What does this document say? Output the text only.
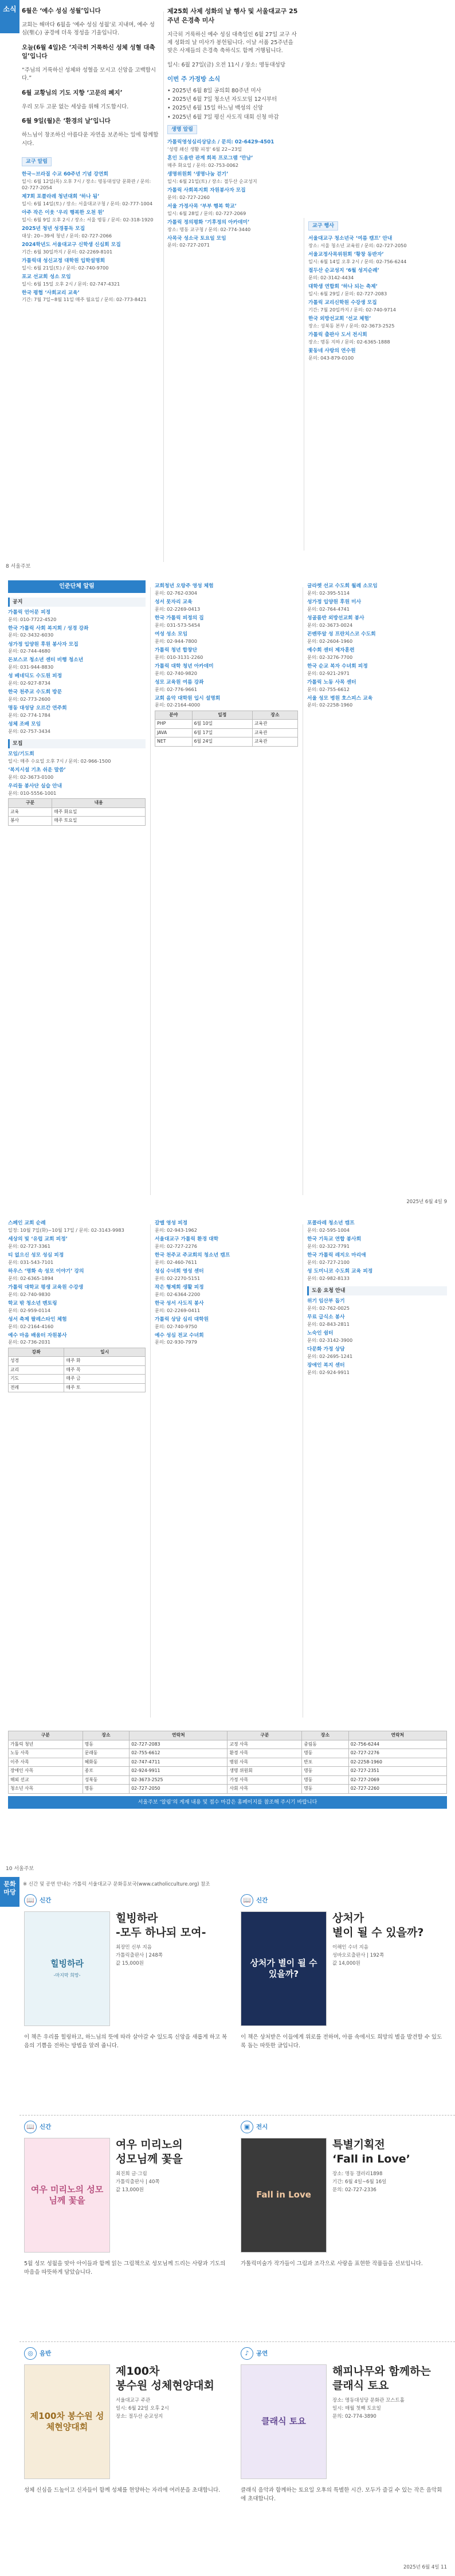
소식 6월은 ‘예수 성심 성월’입니다
교회는 해마다 6월을 ‘예수 성심 성월’로 지내며, 예수 성심(聖心) 공경에 더욱 정성을 기울입니다.
오늘(6월 4일)은 ‘지극히 거룩하신 성체 성혈 대축일’입니다
“주님의 거룩하신 성체와 성혈을 모시고 신앙을 고백합시다.”
6월 교황님의 기도 지향 ‘고문의 폐지’
우리 모두 고문 없는 세상을 위해 기도합시다.
6월 9일(월)은 ‘환경의 날’입니다
하느님이 창조하신 아름다운 자연을 보존하는 일에 함께합시다.
교구 알림
한국~브라질 수교 60주년 기념 강연회
일시: 6월 12일(목) 오후 7시 / 장소: 명동대성당 문화관 / 문의: 02-727-2054
제7회 포콜라레 청년대회 ‘하나 됨’
일시: 6월 14일(토) / 장소: 서울대교구청 / 문의: 02-777-1004
아주 작은 이웃 ‘우리 행복한 오천 원’
일시: 6월 9일 오후 2시 / 장소: 서울 명동 / 문의: 02-318-1920
2025년 청년 성경통독 모집
대상: 20~39세 청년 / 문의: 02-727-2066
2024학년도 서울대교구 신학생 신심회 모집
기간: 6월 30일까지 / 문의: 02-2269-8101
가톨릭대 성신교정 대학원 입학설명회
일시: 6월 21일(토) / 문의: 02-740-9700
포교 선교회 성소 모임
일시: 6월 15일 오후 2시 / 문의: 02-747-4321
한국 평협 ‘사회교리 교육’
기간: 7월 7일~8월 11일 매주 월요일 / 문의: 02-773-8421
제25회 사제 성화의 날 행사 및 서울대교구 25주년 은경축 미사
지극히 거룩하신 예수 성심 대축일인 6월 27일 교구 사제 성화의 날 미사가 봉헌됩니다. 이날 서품 25주년을 맞은 사제들의 은경축 축하식도 함께 거행됩니다.
일시: 6월 27일(금) 오전 11시 / 장소: 명동대성당
이번 주 가정방 소식
• 2025년 6월 8일 공의회 80주년 미사
• 2025년 6월 7일 청소년 자도모임 12시부터
• 2025년 6월 15일 하느님 백성의 신앙
• 2025년 6월 7일 평신 사도직 대회 신청 마감
생명 알림
가톨릭영성심리상담소 / 문의: 02-6429-4501
‘성령 쇄신 생활 피정’ 6월 22~23일
혼인 도움반 관계 회복 프로그램 ‘만남’
매주 화요일 / 문의: 02-753-0062
생명위원회 ‘생명나눔 걷기’
일시: 6월 21일(토) / 장소: 절두산 순교성지
가톨릭 사회복지회 자원봉사자 모집
문의: 02-727-2260
서울 가정사목 ‘부부 행복 학교’
일시: 6월 28일 / 문의: 02-727-2069
가톨릭 정의평화 ‘기후정의 아카데미’
장소: 명동 교구청 / 문의: 02-774-3440
사목국 성소국 토요일 모임
문의: 02-727-2071
교구 행사
서울대교구 청소년국 ‘여름 캠프’ 안내
장소: 서울 청소년 교육원 / 문의: 02-727-2050
서울교정사목위원회 ‘황창 동반자’
일시: 6월 14일 오후 2시 / 문의: 02-756-6244
절두산 순교성지 ‘6월 성지순례’
문의: 02-3142-4434
대학생 연합회 ‘하나 되는 축제’
일시: 6월 29일 / 문의: 02-727-2083
가톨릭 교리신학원 수강생 모집
기간: 7월 20일까지 / 문의: 02-740-9714
한국 외방선교회 ‘선교 체험’
장소: 성북동 본부 / 문의: 02-3673-2525
가톨릭 출판사 도서 전시회
장소: 명동 지하 / 문의: 02-6365-1888
꽃동네 사랑의 연수원
문의: 043-879-0100
8 서울주보
인준단체 알림
공지
가톨릭 언어문 피정
문의: 010-7722-4520
한국 가톨릭 사회 복지회 / 성경 강좌
문의: 02-3432-6030
성가정 입양원 후원 봉사자 모집
문의: 02-744-4680
돈보스코 청소년 센터 비행 청소년
문의: 031-944-8830
성 베네딕도 수도원 피정
문의: 02-927-8734
한국 천주교 수도회 방문
문의: 02-773-2600
명동 대성당 오르간 연주회
문의: 02-774-1784
성체 조배 모임
문의: 02-757-3434
모집
모임/기도회
일시: 매주 수요일 오후 7시 / 문의: 02-966-1500
‘복지시설 기초 쉬운 말씀’
문의: 02-3673-0100
우리들 봉사단 실습 안내
문의: 010-5556-1001
구분	내용
교육	매주 화요일
봉사	매주 토요일
교회청년 오랑주 영성 체험
문의: 02-762-0304
성서 못자리 교육
문의: 02-2269-0413
한국 가톨릭 피정의 집
문의: 031-573-5454
여성 성소 모임
문의: 02-944-7800
가톨릭 청년 합창단
문의: 010-3131-2260
가톨릭 대학 청년 아카데미
문의: 02-740-9820
성모 교육원 여름 강좌
문의: 02-776-9661
교회 음악 대학원 입시 설명회
문의: 02-2164-4000
분야	일정	장소
PHP	6월 10일	교육관
JAVA	6월 17일	교육관
NET	6월 24일	교육관
글라렛 선교 수도회 월례 소모임
문의: 02-395-5114
성가정 입양원 후원 미사
문의: 02-764-4741
성골롬반 외방선교회 봉사
문의: 02-3673-0024
꼰벤뚜알 성 프란치스코 수도회
문의: 02-2604-1960
예수회 센터 제자훈련
문의: 02-3276-7700
한국 순교 복자 수녀회 피정
문의: 02-921-2971
가톨릭 노동 사목 센터
문의: 02-755-6612
서울 성모 병원 호스피스 교육
문의: 02-2258-1960
2025년 6월 4일 9
스페인 교회 순례
일정: 10월 7일(화)~10월 17일 / 문의: 02-3143-9983
세상의 빛 ‘유럽 교회 피정’
문의: 02-727-3361
티 없으신 성모 성심 피정
문의: 031-543-7101
하우스 ‘명화 속 성모 이야기’ 강의
문의: 02-6365-1894
가톨릭 대학교 평생 교육원 수강생
문의: 02-740-9830
학교 밖 청소년 멘토링
문의: 02-959-0114
성서 축제 팔레스타인 체험
문의: 02-2164-4160
예수 마음 배움터 자원봉사
문의: 02-736-2031
강좌	일시
성경	매주 화
교리	매주 목
기도	매주 금
전례	매주 토
갈멜 영성 피정
문의: 02-943-1962
서울대교구 가톨릭 환경 대학
문의: 02-727-2276
한국 천주교 주교회의 청소년 캠프
문의: 02-460-7611
성심 수녀회 영성 센터
문의: 02-2270-5151
작은 형제회 생활 피정
문의: 02-6364-2200
한국 성서 사도직 봉사
문의: 02-2269-0411
가톨릭 상담 심리 대학원
문의: 02-740-9750
예수 성심 전교 수녀회
문의: 02-930-7979
포콜라레 청소년 캠프
문의: 02-595-1004
한국 기독교 연합 봉사회
문의: 02-322-7791
한국 가톨릭 레지오 마리애
문의: 02-727-2100
성 도미니코 수도회 교육 피정
문의: 02-982-8133
도움 요청 안내
위기 임산부 돕기
문의: 02-762-0025
무료 급식소 봉사
문의: 02-843-2811
노숙인 쉼터
문의: 02-3142-3900
다문화 가정 상담
문의: 02-2695-1241
장애인 복지 센터
문의: 02-924-9911
구분	장소	연락처	구분	장소	연락처
가톨릭 청년	명동	02-727-2083	교정 사목	중림동	02-756-6244
노동 사목	문래동	02-755-6612	환경 사목	명동	02-727-2276
이주 사목	혜화동	02-747-4711	병원 사목	반포	02-2258-1960
장애인 사목	종로	02-924-9911	생명 위원회	명동	02-727-2351
해외 선교	성북동	02-3673-2525	가정 사목	명동	02-727-2069
청소년 사목	명동	02-727-2050	사회 사목	명동	02-727-2260
서울주보 ‘알림’의 게재 내용 및 접수 마감은 홈페이지를 참조해 주시기 바랍니다
10 서울주보
문화
마당
※ 신간 및 공연 안내는 가톨릭 서울대교구 문화홍보국(www.catholicculture.org) 참조
📖 신간
힐빙하라
-마지막 희망-
힐빙하라
-모두 하나되 모여-
최장민 신부 지음
가톨릭출판사 | 248쪽
값 15,000원
이 책은 우리를 힐링하고, 하느님의 뜻에 따라 살아갈 수 있도록 신앙을 새롭게 하고 복음의 기쁨을 전하는 방법을 알려 줍니다.
📖 신간
상처가 별이 될 수 있을까?
상처가
별이 될 수 있을까?
이해인 수녀 지음
성바오로출판사 | 192쪽
값 14,000원
이 책은 상처받은 이들에게 위로를 전하며, 아픔 속에서도 희망의 별을 발견할 수 있도록 돕는 따뜻한 글입니다.
📖 신간
여우 미리노의 성모님께 꽃을
여우 미리노의
성모님께 꽃을
최진희 글·그림
가톨릭출판사 | 40쪽
값 13,000원
5월 성모 성월을 맞아 아이들과 함께 읽는 그림책으로 성모님께 드리는 사랑과 기도의 마음을 따뜻하게 담았습니다.
▣	전시
Fall in Love
특별기획전
‘Fall in Love’
장소: 명동 갤러리1898
기간: 6월 4일~6월 16일
문의: 02-727-2336
가톨릭미술가 작가들이 그림과 조각으로 사랑을 표현한 작품들을 선보입니다.
◎	음반
제100차 봉수원 성체현양대회
제100차
봉수원 성체현양대회
서울대교구 주관
일시: 6월 22일 오후 2시
장소: 절두산 순교성지
성체 신심을 드높이고 신자들이 함께 성체를 현양하는 자리에 여러분을 초대합니다.
♪	공연
클래식 토요
해피나무와 함께하는
클래식 토요
장소: 명동대성당 문화관 꼬스트홀
일시: 매월 첫째 토요일
문의: 02-774-3890
클래식 음악과 함께하는 토요일 오후의 특별한 시간. 모두가 즐길 수 있는 작은 음악회에 초대합니다.
2025년 6월 4일 11
